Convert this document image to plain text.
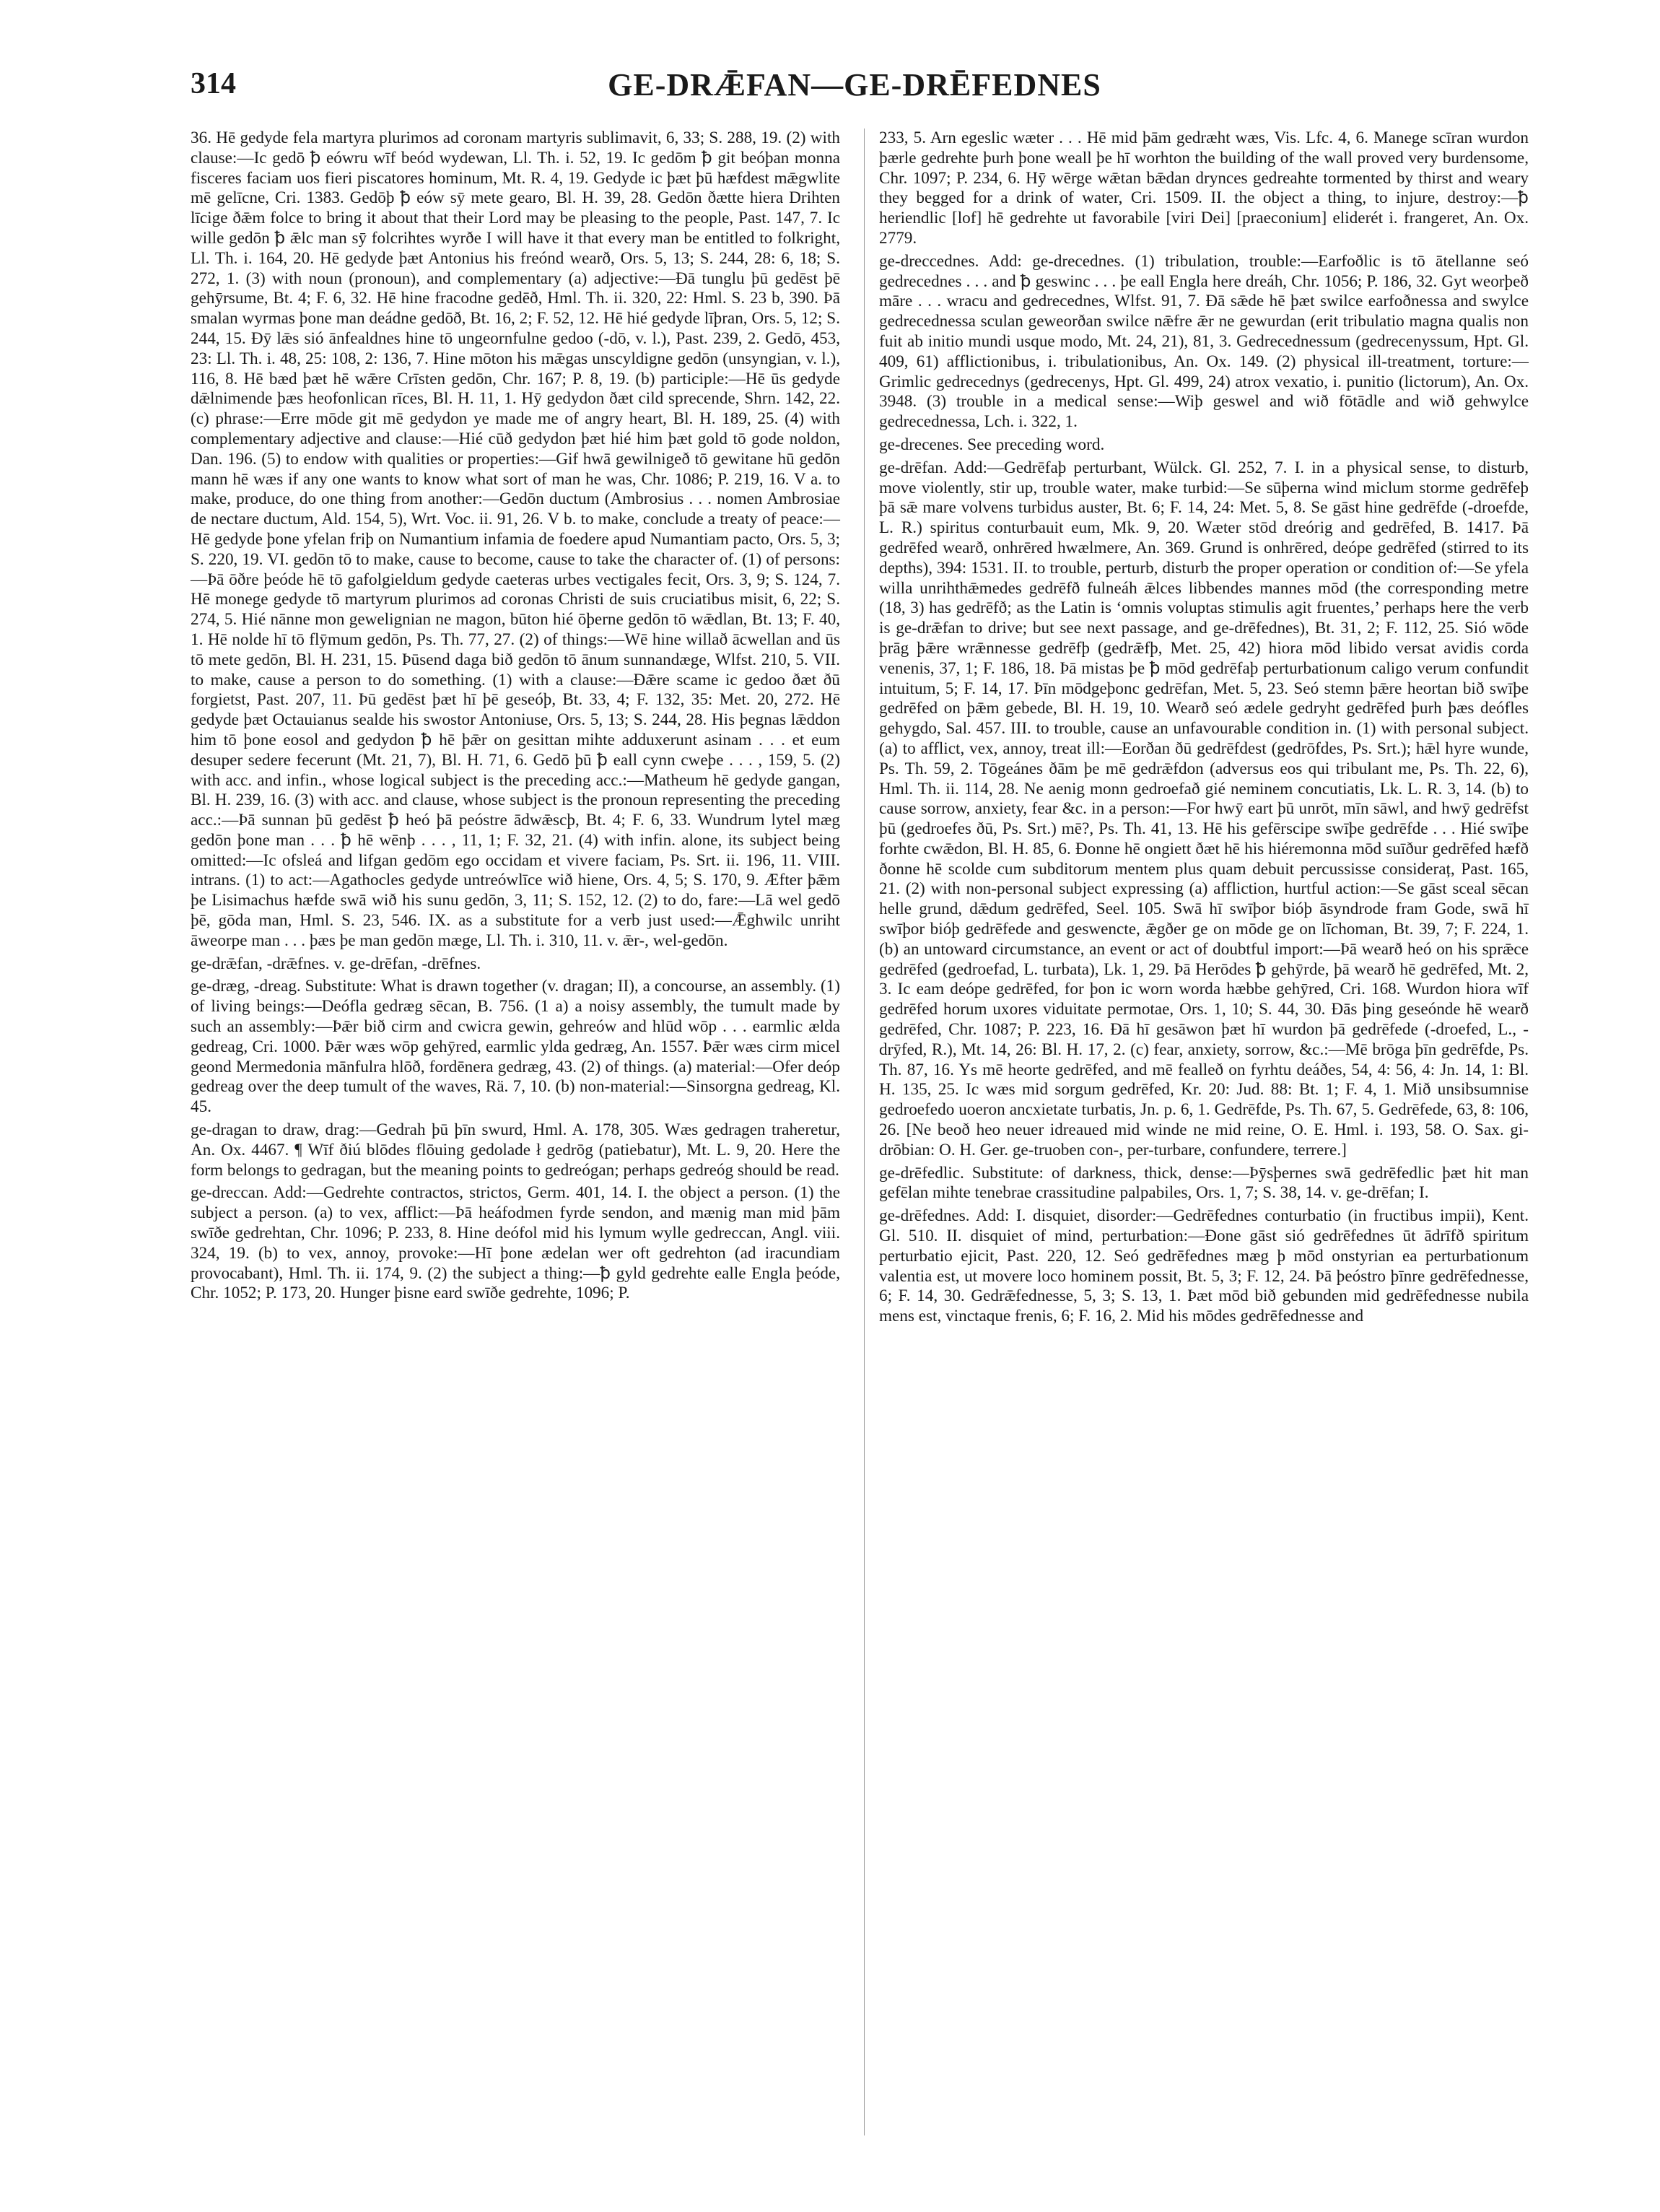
314	GE-DRǢFAN—GE-DRĒFEDNES

36. Hē gedyde fela martyra plurimos ad coronam martyris sublimavit, 6, 33; S. 288, 19. (2) with clause:—Ic gedō ꝥ eówru wīf beód wydewan, Ll. Th. i. 52, 19. Ic gedōm ꝥ git beóþan monna fisceres faciam uos fieri piscatores hominum, Mt. R. 4, 19. Gedyde ic þæt þū hæfdest mǣgwlite mē gelīcne, Cri. 1383. Gedōþ ꝥ eów sȳ mete gearo, Bl. H. 39, 28. Gedōn ðætte hiera Drihten līcige ðǣm folce to bring it about that their Lord may be pleasing to the people, Past. 147, 7. Ic wille gedōn ꝥ ǣlc man sȳ folcrihtes wyrðe I will have it that every man be entitled to folkright, Ll. Th. i. 164, 20. Hē gedyde þæt Antonius his freónd wearð, Ors. 5, 13; S. 244, 28: 6, 18; S. 272, 1. (3) with noun (pronoun), and complementary (a) adjective:—Ðā tunglu þū gedēst þē gehȳrsume, Bt. 4; F. 6, 32. Hē hine fracodne gedēð, Hml. Th. ii. 320, 22: Hml. S. 23 b, 390. Þā smalan wyrmas þone man deádne gedōð, Bt. 16, 2; F. 52, 12. Hē hié gedyde līþran, Ors. 5, 12; S. 244, 15. Ðȳ lǣs sió ānfealdnes hine tō ungeornfulne gedoo (-dō, v. l.), Past. 239, 2. Gedō, 453, 23: Ll. Th. i. 48, 25: 108, 2: 136, 7. Hine mōton his mǣgas unscyldigne gedōn (unsyngian, v. l.), 116, 8. Hē bæd þæt hē wǣre Crīsten gedōn, Chr. 167; P. 8, 19. (b) participle:—Hē ūs gedyde dǣlnimende þæs heofonlican rīces, Bl. H. 11, 1. Hȳ gedydon ðæt cild sprecende, Shrn. 142, 22. (c) phrase:—Erre mōde git mē gedydon ye made me of angry heart, Bl. H. 189, 25. (4) with complementary adjective and clause:—Hié cūð gedydon þæt hié him þæt gold tō gode noldon, Dan. 196. (5) to endow with qualities or properties:—Gif hwā gewilnigeð tō gewitane hū gedōn mann hē wæs if any one wants to know what sort of man he was, Chr. 1086; P. 219, 16. V a. to make, produce, do one thing from another:—Gedōn ductum (Ambrosius . . . nomen Ambrosiae de nectare ductum, Ald. 154, 5), Wrt. Voc. ii. 91, 26. V b. to make, conclude a treaty of peace:—Hē gedyde þone yfelan friþ on Numantium infamia de foedere apud Numantiam pacto, Ors. 5, 3; S. 220, 19. VI. gedōn tō to make, cause to become, cause to take the character of. (1) of persons:—Þā ōðre þeóde hē tō gafolgieldum gedyde caeteras urbes vectigales fecit, Ors. 3, 9; S. 124, 7. Hē monege gedyde tō martyrum plurimos ad coronas Christi de suis cruciatibus misit, 6, 22; S. 274, 5. Hié nānne mon gewelignian ne magon, būton hié ōþerne gedōn tō wǣdlan, Bt. 13; F. 40, 1. Hē nolde hī tō flȳmum gedōn, Ps. Th. 77, 27. (2) of things:—Wē hine willað ācwellan and ūs tō mete gedōn, Bl. H. 231, 15. Þūsend daga bið gedōn tō ānum sunnandæge, Wlfst. 210, 5. VII. to make, cause a person to do something. (1) with a clause:—Ðǣre scame ic gedoo ðæt ðū forgietst, Past. 207, 11. Þū gedēst þæt hī þē geseóþ, Bt. 33, 4; F. 132, 35: Met. 20, 272. Hē gedyde þæt Octauianus sealde his swostor Antoniuse, Ors. 5, 13; S. 244, 28. His þegnas lǣddon him tō þone eosol and gedydon ꝥ hē þǣr on gesittan mihte adduxerunt asinam . . . et eum desuper sedere fecerunt (Mt. 21, 7), Bl. H. 71, 6. Gedō þū ꝥ eall cynn cweþe . . . , 159, 5. (2) with acc. and infin., whose logical subject is the preceding acc.:—Matheum hē gedyde gangan, Bl. H. 239, 16. (3) with acc. and clause, whose subject is the pronoun representing the preceding acc.:—Þā sunnan þū gedēst ꝥ heó þā peóstre ādwǣscþ, Bt. 4; F. 6, 33. Wundrum lytel mæg gedōn þone man . . . ꝥ hē wēnþ . . . , 11, 1; F. 32, 21. (4) with infin. alone, its subject being omitted:—Ic ofsleá and lifgan gedōm ego occidam et vivere faciam, Ps. Srt. ii. 196, 11. VIII. intrans. (1) to act:—Agathocles gedyde untreówlīce wið hiene, Ors. 4, 5; S. 170, 9. Æfter þǣm þe Lisimachus hæfde swā wið his sunu gedōn, 3, 11; S. 152, 12. (2) to do, fare:—Lā wel gedō þē, gōda man, Hml. S. 23, 546. IX. as a substitute for a verb just used:—Ǣghwilc unriht āweorpe man . . . þæs þe man gedōn mæge, Ll. Th. i. 310, 11. v. ǣr-, wel-gedōn.

ge-drǣfan, -drǣfnes. v. ge-drēfan, -drēfnes.

ge-dræg, -dreag. Substitute: What is drawn together (v. dragan; II), a concourse, an assembly. (1) of living beings:—Deófla gedræg sēcan, B. 756. (1 a) a noisy assembly, the tumult made by such an assembly:—Þǣr bið cirm and cwicra gewin, gehreów and hlūd wōp . . . earmlic ælda gedreag, Cri. 1000. Þǣr wæs wōp gehȳred, earmlic ylda gedræg, An. 1557. Þǣr wæs cirm micel geond Mermedonia mānfulra hlōð, fordēnera gedræg, 43. (2) of things. (a) material:—Ofer deóp gedreag over the deep tumult of the waves, Rä. 7, 10. (b) non-material:—Sinsorgna gedreag, Kl. 45.

ge-dragan to draw, drag:—Gedrah þū þīn swurd, Hml. A. 178, 305. Wæs gedragen traheretur, An. Ox. 4467. ¶ Wīf ðiú blōdes flōuing gedolade ł gedrōg (patiebatur), Mt. L. 9, 20. Here the form belongs to gedragan, but the meaning points to gedreógan; perhaps gedreóg should be read.

ge-dreccan. Add:—Gedrehte contractos, strictos, Germ. 401, 14. I. the object a person. (1) the subject a person. (a) to vex, afflict:—Þā heáfodmen fyrde sendon, and mænig man mid þām swīðe gedrehtan, Chr. 1096; P. 233, 8. Hine deófol mid his lymum wylle gedreccan, Angl. viii. 324, 19. (b) to vex, annoy, provoke:—Hī þone ædelan wer oft gedrehton (ad iracundiam provocabant), Hml. Th. ii. 174, 9. (2) the subject a thing:—ꝥ gyld gedrehte ealle Engla þeóde, Chr. 1052; P. 173, 20. Hunger þisne eard swīðe gedrehte, 1096; P.

233, 5. Arn egeslic wæter . . . Hē mid þām gedræht wæs, Vis. Lfc. 4, 6. Manege scīran wurdon þærle gedrehte þurh þone weall þe hī worhton the building of the wall proved very burdensome, Chr. 1097; P. 234, 6. Hȳ wērge wǣtan bǣdan drynces gedreahte tormented by thirst and weary they begged for a drink of water, Cri. 1509. II. the object a thing, to injure, destroy:—ꝥ heriendlic [lof] hē gedrehte ut favorabile [viri Dei] [praeconium] eliderét i. frangeret, An. Ox. 2779.

ge-dreccednes. Add: ge-drecednes. (1) tribulation, trouble:—Earfoðlic is tō ātellanne seó gedrecednes . . . and ꝥ geswinc . . . þe eall Engla here dreáh, Chr. 1056; P. 186, 32. Gyt weorþeð māre . . . wracu and gedrecednes, Wlfst. 91, 7. Ðā sǣde hē þæt swilce earfoðnessa and swylce gedrecednessa sculan geweorðan swilce nǣfre ǣr ne gewurdan (erit tribulatio magna qualis non fuit ab initio mundi usque modo, Mt. 24, 21), 81, 3. Gedrecednessum (gedrecenyssum, Hpt. Gl. 409, 61) afflictionibus, i. tribulationibus, An. Ox. 149. (2) physical ill-treatment, torture:—Grimlic gedrecednys (gedrecenys, Hpt. Gl. 499, 24) atrox vexatio, i. punitio (lictorum), An. Ox. 3948. (3) trouble in a medical sense:—Wiþ geswel and wið fōtādle and wið gehwylce gedrecednessa, Lch. i. 322, 1.

ge-drecenes. See preceding word.

ge-drēfan. Add:—Gedrēfaþ perturbant, Wülck. Gl. 252, 7. I. in a physical sense, to disturb, move violently, stir up, trouble water, make turbid:—Se sūþerna wind miclum storme gedrēfeþ þā sǣ mare volvens turbidus auster, Bt. 6; F. 14, 24: Met. 5, 8. Se gāst hine gedrēfde (-droefde, L. R.) spiritus conturbauit eum, Mk. 9, 20. Wæter stōd dreórig and gedrēfed, B. 1417. Þā gedrēfed wearð, onhrēred hwælmere, An. 369. Grund is onhrēred, deópe gedrēfed (stirred to its depths), 394: 1531. II. to trouble, perturb, disturb the proper operation or condition of:—Se yfela willa unrihthǣmedes gedrēfð fulneáh ǣlces libbendes mannes mōd (the corresponding metre (18, 3) has gedrēfð; as the Latin is ‘omnis voluptas stimulis agit fruentes,’ perhaps here the verb is ge-drǣfan to drive; but see next passage, and ge-drēfednes), Bt. 31, 2; F. 112, 25. Sió wōde þrāg þǣre wrǣnnesse gedrēfþ (gedrǣfþ, Met. 25, 42) hiora mōd libido versat avidis corda venenis, 37, 1; F. 186, 18. Þā mistas þe ꝥ mōd gedrēfaþ perturbationum caligo verum confundit intuitum, 5; F. 14, 17. Þīn mōdgeþonc gedrēfan, Met. 5, 23. Seó stemn þǣre heortan bið swīþe gedrēfed on þǣm gebede, Bl. H. 19, 10. Wearð seó ædele gedryht gedrēfed þurh þæs deófles gehygdo, Sal. 457. III. to trouble, cause an unfavourable condition in. (1) with personal subject. (a) to afflict, vex, annoy, treat ill:—Eorðan ðū gedrēfdest (gedrōfdes, Ps. Srt.); hǣl hyre wunde, Ps. Th. 59, 2. Tōgeánes ðām þe mē gedrǣfdon (adversus eos qui tribulant me, Ps. Th. 22, 6), Hml. Th. ii. 114, 28. Ne aenig monn gedroefað gié neminem concutiatis, Lk. L. R. 3, 14. (b) to cause sorrow, anxiety, fear &c. in a person:—For hwȳ eart þū unrōt, mīn sāwl, and hwȳ gedrēfst þū (gedroefes ðū, Ps. Srt.) mē?, Ps. Th. 41, 13. Hē his gefērscipe swīþe gedrēfde . . . Hié swīþe forhte cwǣdon, Bl. H. 85, 6. Ðonne hē ongiett ðæt hē his hiéremonna mōd suīður gedrēfed hæfð ðonne hē scolde cum subditorum mentem plus quam debuit percussisse consideraț, Past. 165, 21. (2) with non-personal subject expressing (a) affliction, hurtful action:—Se gāst sceal sēcan helle grund, dǣdum gedrēfed, Seel. 105. Swā hī swīþor bióþ āsyndrode fram Gode, swā hī swīþor bióþ gedrēfede and geswencte, ǣgðer ge on mōde ge on līchoman, Bt. 39, 7; F. 224, 1. (b) an untoward circumstance, an event or act of doubtful import:—Þā wearð heó on his sprǣce gedrēfed (gedroefad, L. turbata), Lk. 1, 29. Þā Herōdes ꝥ gehȳrde, þā wearð hē gedrēfed, Mt. 2, 3. Ic eam deópe gedrēfed, for þon ic worn worda hæbbe gehȳred, Cri. 168. Wurdon hiora wīf gedrēfed horum uxores viduitate permotae, Ors. 1, 10; S. 44, 30. Ðās þing geseónde hē wearð gedrēfed, Chr. 1087; P. 223, 16. Ðā hī gesāwon þæt hī wurdon þā gedrēfede (-droefed, L., -drȳfed, R.), Mt. 14, 26: Bl. H. 17, 2. (c) fear, anxiety, sorrow, &c.:—Mē brōga þīn gedrēfde, Ps. Th. 87, 16. Ys mē heorte gedrēfed, and mē fealleð on fyrhtu deáðes, 54, 4: 56, 4: Jn. 14, 1: Bl. H. 135, 25. Ic wæs mid sorgum gedrēfed, Kr. 20: Jud. 88: Bt. 1; F. 4, 1. Mið unsibsumnise gedroefedo uoeron ancxietate turbatis, Jn. p. 6, 1. Gedrēfde, Ps. Th. 67, 5. Gedrēfede, 63, 8: 106, 26. [Ne beoð heo neuer idreaued mid winde ne mid reine, O. E. Hml. i. 193, 58. O. Sax. gi-drōbian: O. H. Ger. ge-truoben con-, per-turbare, confundere, terrere.]

ge-drēfedlic. Substitute: of darkness, thick, dense:—Þȳsþernes swā gedrēfedlic þæt hit man gefēlan mihte tenebrae crassitudine palpabiles, Ors. 1, 7; S. 38, 14. v. ge-drēfan; I.

ge-drēfednes. Add: I. disquiet, disorder:—Gedrēfednes conturbatio (in fructibus impii), Kent. Gl. 510. II. disquiet of mind, perturbation:—Ðone gāst sió gedrēfednes ūt ādrīfð spiritum perturbatio ejicit, Past. 220, 12. Seó gedrēfednes mæg þ mōd onstyrian ea perturbationum valentia est, ut movere loco hominem possit, Bt. 5, 3; F. 12, 24. Þā þeóstro þīnre gedrēfednesse, 6; F. 14, 30. Gedrǣfednesse, 5, 3; S. 13, 1. Þæt mōd bið gebunden mid gedrēfednesse nubila mens est, vinctaque frenis, 6; F. 16, 2. Mid his mōdes gedrēfednesse and
